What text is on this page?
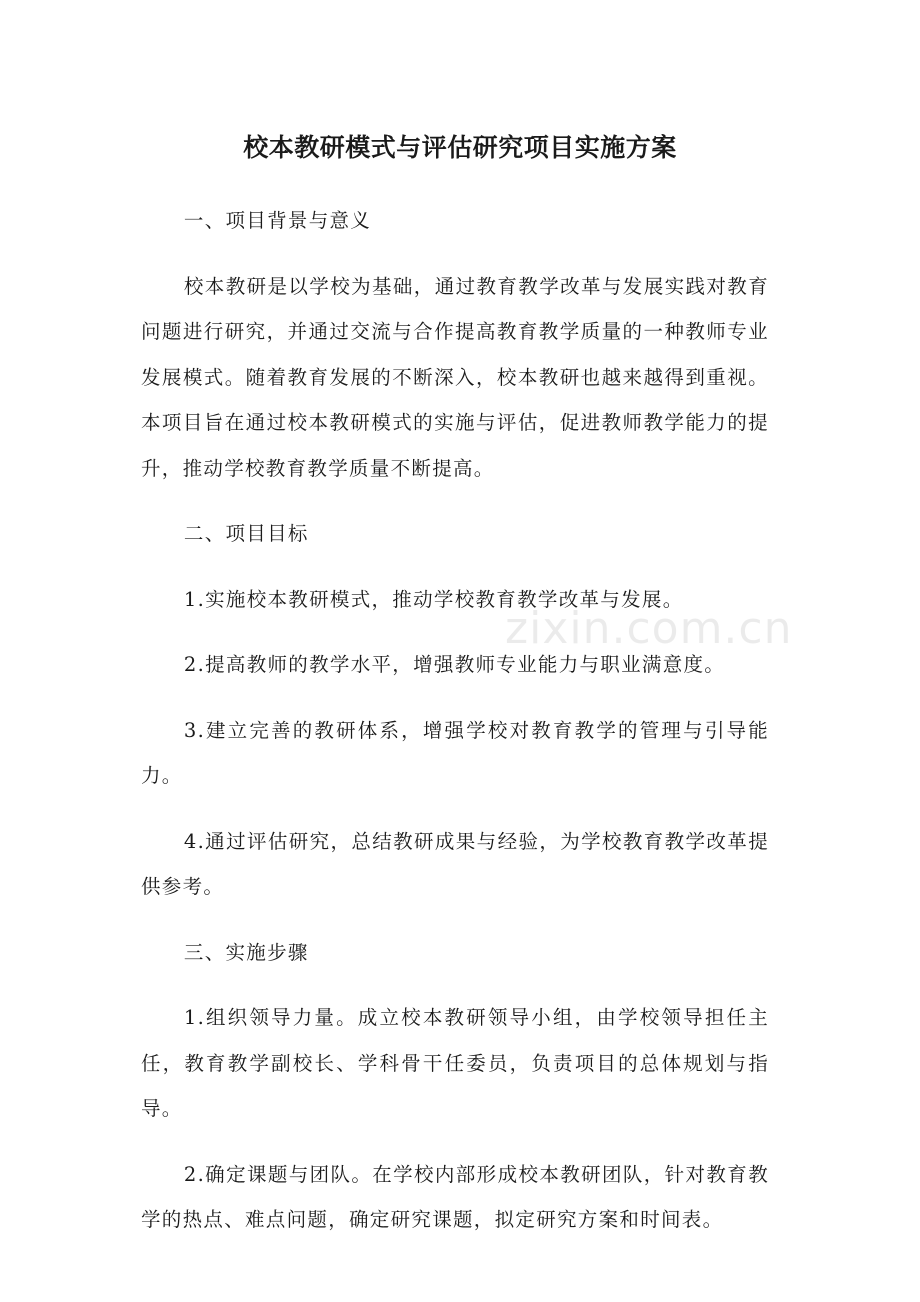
校本教研模式与评估研究项目实施方案

一、项目背景与意义

校本教研是以学校为基础，通过教育教学改革与发展实践对教育问题进行研究，并通过交流与合作提高教育教学质量的一种教师专业发展模式。随着教育发展的不断深入，校本教研也越来越得到重视。本项目旨在通过校本教研模式的实施与评估，促进教师教学能力的提升，推动学校教育教学质量不断提高。

二、项目目标

1.实施校本教研模式，推动学校教育教学改革与发展。

2.提高教师的教学水平，增强教师专业能力与职业满意度。

3.建立完善的教研体系，增强学校对教育教学的管理与引导能力。

4.通过评估研究，总结教研成果与经验，为学校教育教学改革提供参考。

三、实施步骤

1.组织领导力量。成立校本教研领导小组，由学校领导担任主任，教育教学副校长、学科骨干任委员，负责项目的总体规划与指导。

2.确定课题与团队。在学校内部形成校本教研团队，针对教育教学的热点、难点问题，确定研究课题，拟定研究方案和时间表。

zixin.com.cn
